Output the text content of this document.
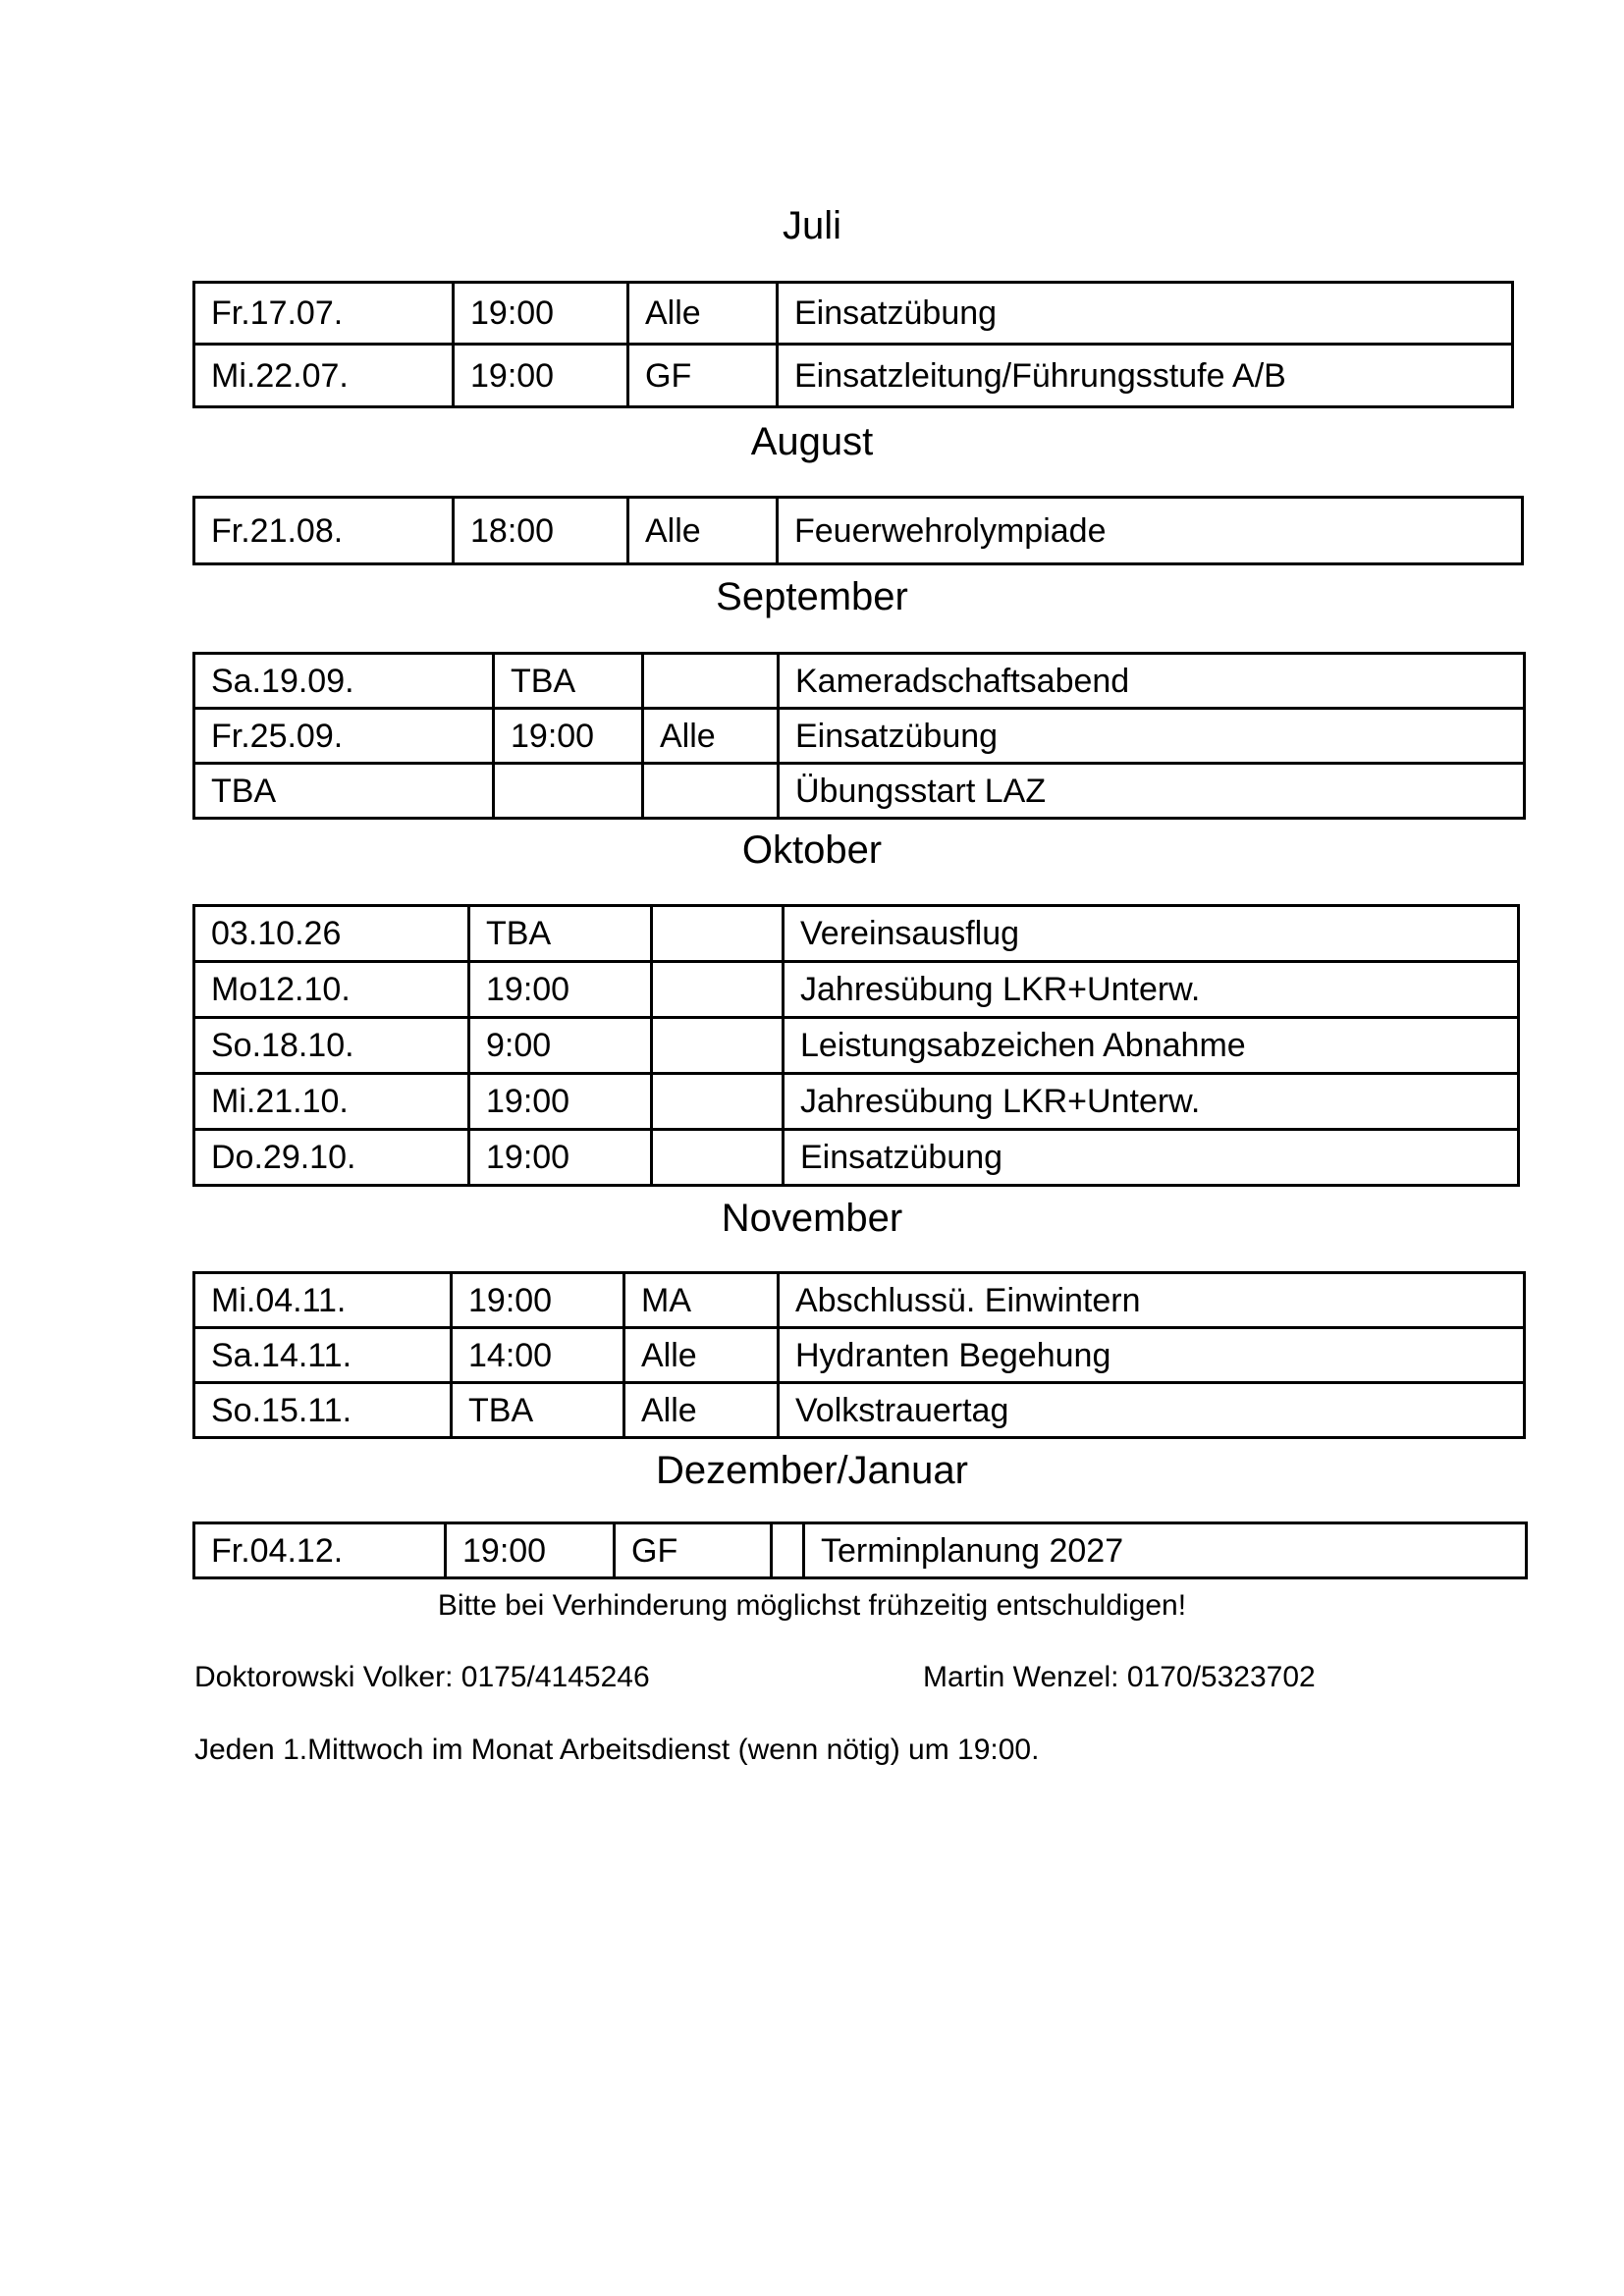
Juli
Fr.17.07.	19:00	Alle	Einsatzübung
Mi.22.07.	19:00	GF	Einsatzleitung/Führungsstufe A/B
August
Fr.21.08.	18:00	Alle	Feuerwehrolympiade
September
Sa.19.09.	TBA		Kameradschaftsabend
Fr.25.09.	19:00	Alle	Einsatzübung
TBA			Übungsstart LAZ
Oktober
03.10.26	TBA		Vereinsausflug
Mo12.10.	19:00		Jahresübung LKR+Unterw.
So.18.10.	9:00		Leistungsabzeichen Abnahme
Mi.21.10.	19:00		Jahresübung LKR+Unterw.
Do.29.10.	19:00		Einsatzübung
November
Mi.04.11.	19:00	MA	Abschlussü. Einwintern
Sa.14.11.	14:00	Alle	Hydranten Begehung
So.15.11.	TBA	Alle	Volkstrauertag
Dezember/Januar
Fr.04.12.	19:00	GF		Terminplanung 2027
Bitte bei Verhinderung möglichst frühzeitig entschuldigen!
Doktorowski Volker: 0175/4145246	Martin Wenzel: 0170/5323702
Jeden 1.Mittwoch im Monat Arbeitsdienst (wenn nötig) um 19:00.
